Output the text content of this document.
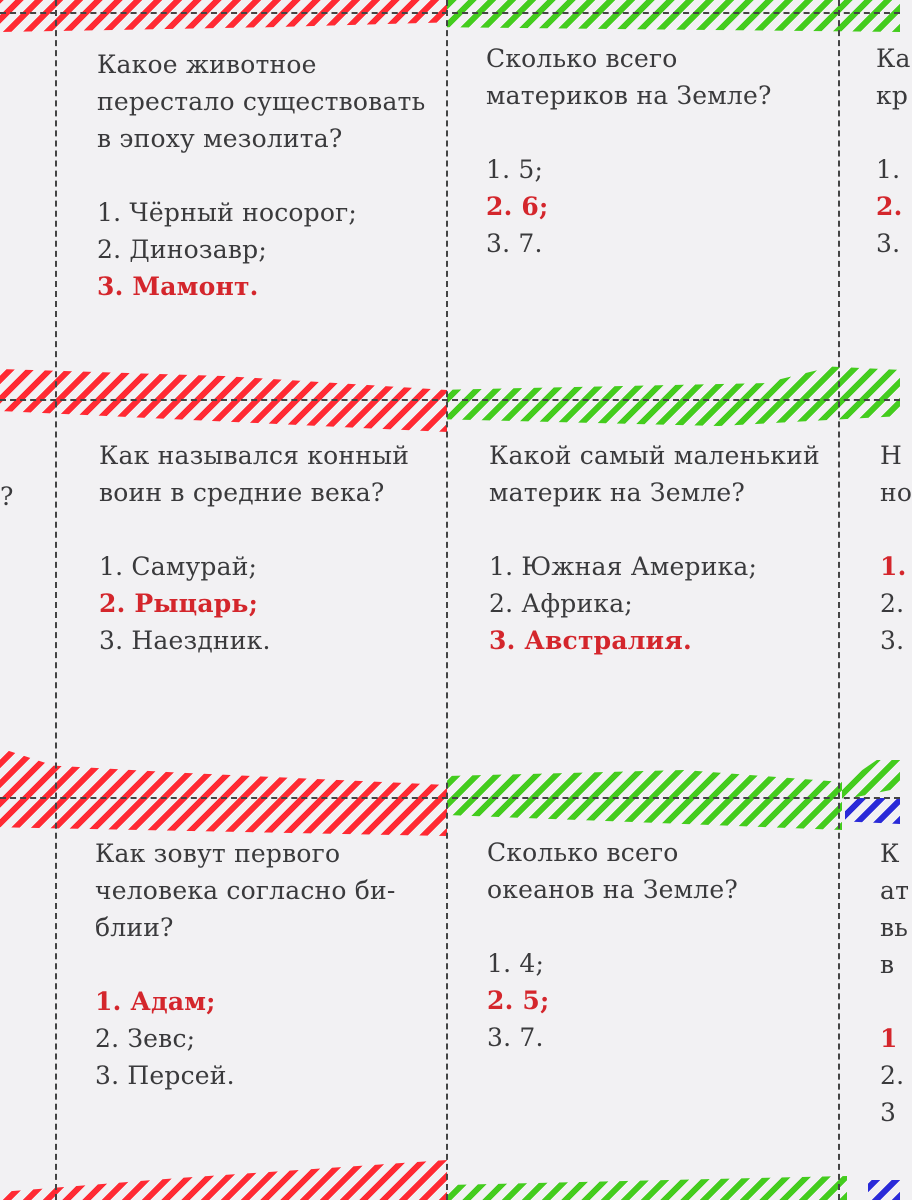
Какое животное
перестало существовать
в эпоху мезолита?

1. Чёрный носорог;
2. Динозавр;
3. Мамонт.

Сколько всего
материков на Земле?

1. 5;
2. 6;
3. 7.
Ка
кр
1.
2.
3.

Как назывался конный
воин в средние века?

1. Самурай;
2. Рыцарь;
3. Наездник.

Какой самый маленький
материк на Земле?

1. Южная Америка;
2. Африка;
3. Австралия.
Н
но
1.
2.
3.
?

Как зовут первого
человека согласно би-
блии?

1. Адам;
2. Зевс;
3. Персей.

Сколько всего
океанов на Земле?

1. 4;
2. 5;
3. 7.
К
ат
вь
в
1
2.
3
